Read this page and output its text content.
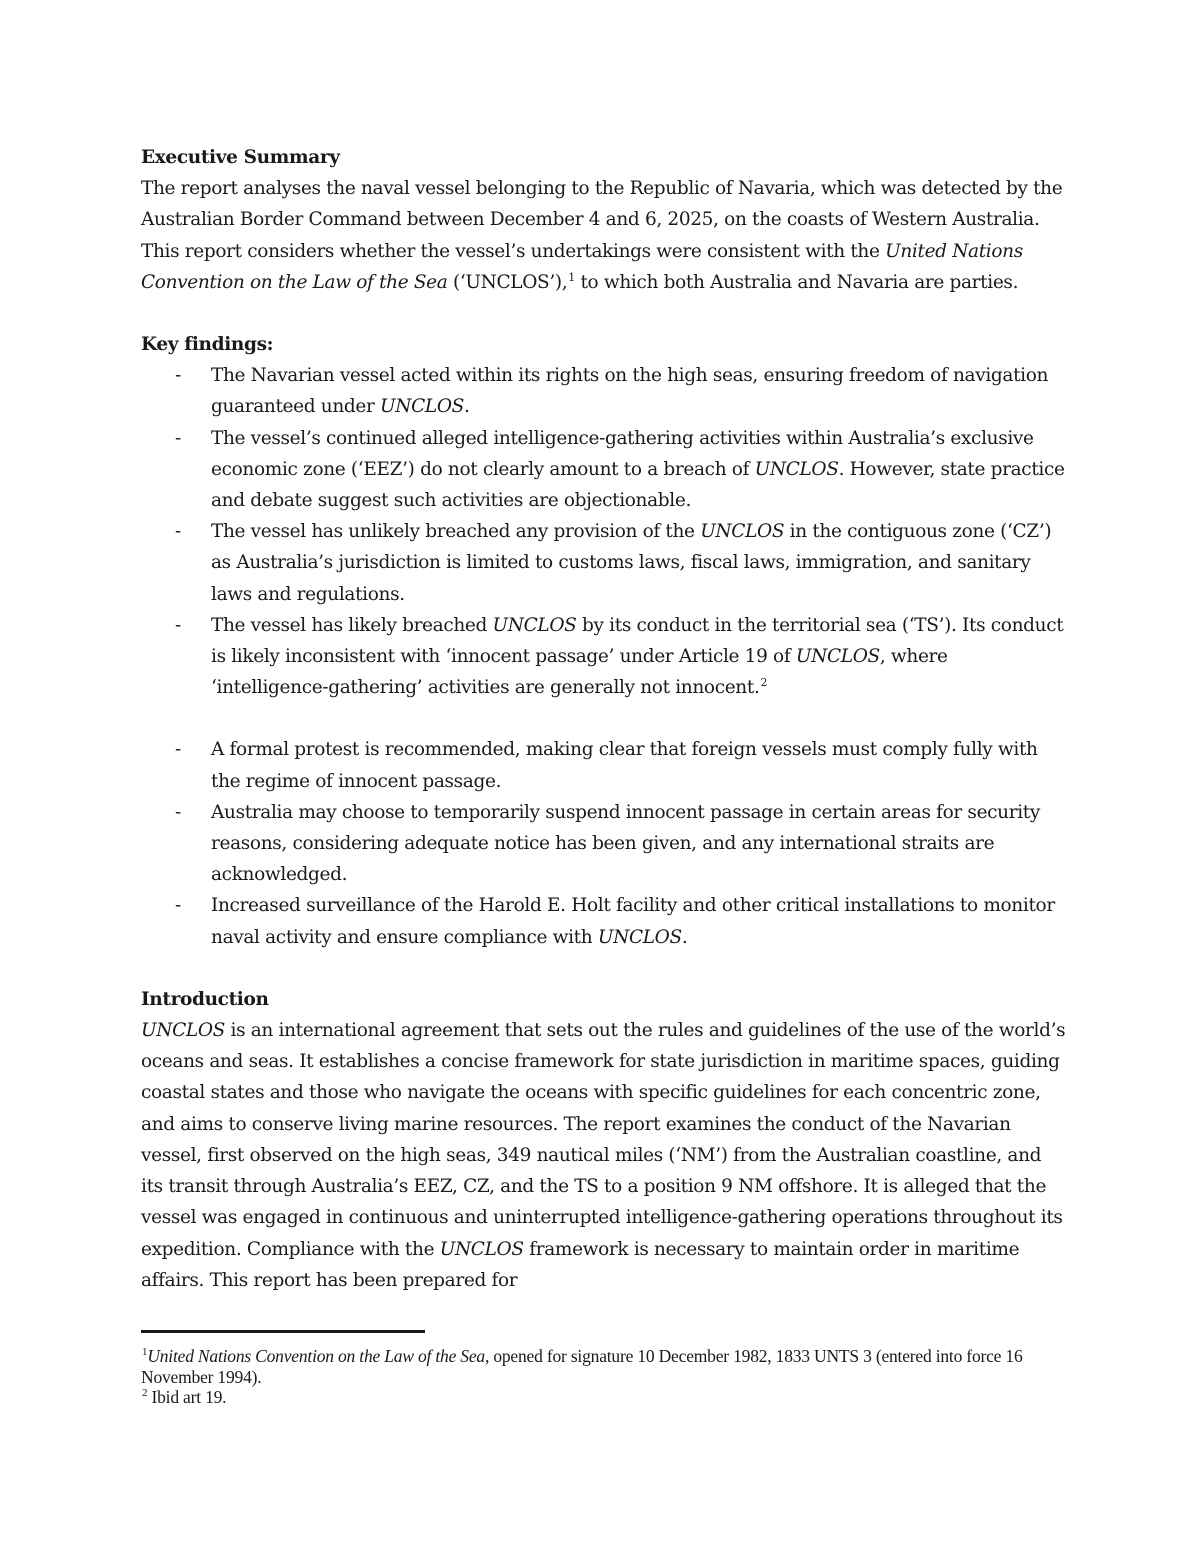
Executive Summary

The report analyses the naval vessel belonging to the Republic of Navaria, which was detected by the Australian Border Command between December 4 and 6, 2025, on the coasts of Western Australia. This report considers whether the vessel’s undertakings were consistent with the United Nations Convention on the Law of the Sea (‘UNCLOS’),$^1$ to which both Australia and Navaria are parties.

Key findings:
- The Navarian vessel acted within its rights on the high seas, ensuring freedom of navigation guaranteed under UNCLOS.
- The vessel’s continued alleged intelligence-gathering activities within Australia’s exclusive economic zone (‘EEZ’) do not clearly amount to a breach of UNCLOS. However, state practice and debate suggest such activities are objectionable.
- The vessel has unlikely breached any provision of the UNCLOS in the contiguous zone (‘CZ’) as Australia’s jurisdiction is limited to customs laws, fiscal laws, immigration, and sanitary laws and regulations.
- The vessel has likely breached UNCLOS by its conduct in the territorial sea (‘TS’). Its conduct is likely inconsistent with ‘innocent passage’ under Article 19 of UNCLOS, where ‘intelligence-gathering’ activities are generally not innocent.$^2$
- A formal protest is recommended, making clear that foreign vessels must comply fully with the regime of innocent passage.
- Australia may choose to temporarily suspend innocent passage in certain areas for security reasons, considering adequate notice has been given, and any international straits are acknowledged.
- Increased surveillance of the Harold E. Holt facility and other critical installations to monitor naval activity and ensure compliance with UNCLOS.
Introduction

UNCLOS is an international agreement that sets out the rules and guidelines of the use of the world’s oceans and seas. It establishes a concise framework for state jurisdiction in maritime spaces, guiding coastal states and those who navigate the oceans with specific guidelines for each concentric zone, and aims to conserve living marine resources. The report examines the conduct of the Navarian vessel, first observed on the high seas, 349 nautical miles (‘NM’) from the Australian coastline, and its transit through Australia’s EEZ, CZ, and the TS to a position 9 NM offshore. It is alleged that the vessel was engaged in continuous and uninterrupted intelligence-gathering operations throughout its expedition. Compliance with the UNCLOS framework is necessary to maintain order in maritime affairs. This report has been prepared for

$^1$United Nations Convention on the Law of the Sea, opened for signature 10 December 1982, 1833 UNTS 3 (entered into force 16 November 1994).

$^2$ Ibid art 19.
